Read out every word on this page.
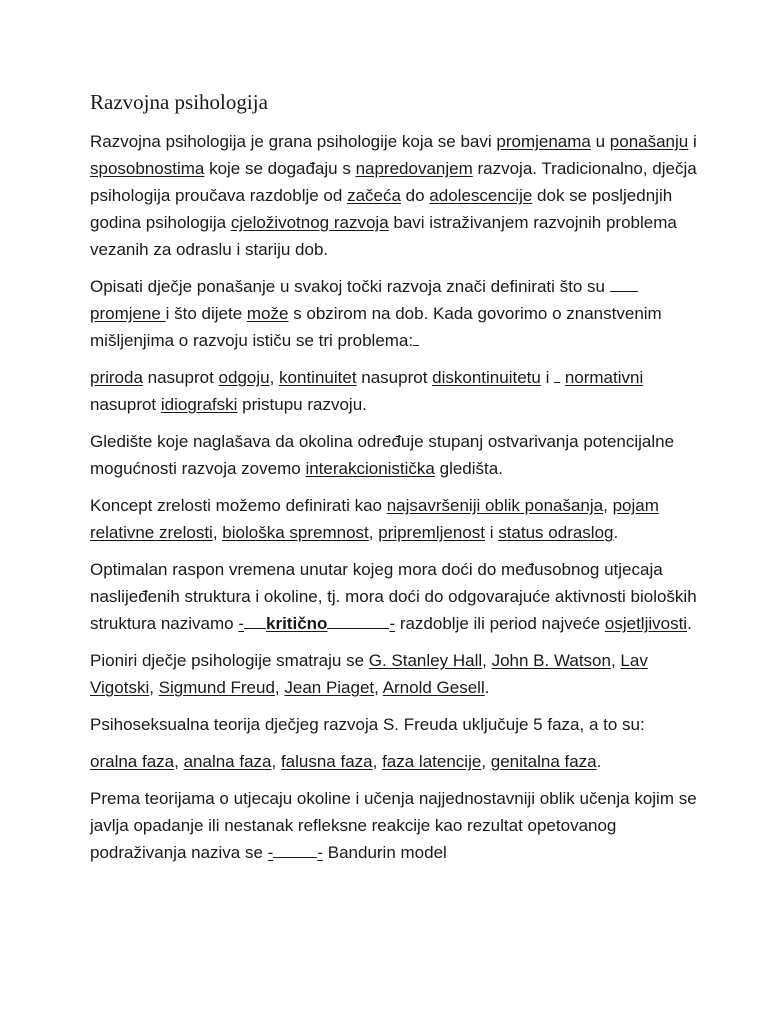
Razvojna psihologija

Razvojna psihologija je grana psihologije koja se bavi promjenama u ponašanju i sposobnostima koje se događaju s napredovanjem razvoja. Tradicionalno, dječja psihologija proučava razdoblje od začeća do adolescencije dok se posljednjih godina psihologija cjeloživotnog razvoja bavi istraživanjem razvojnih problema vezanih za odraslu i stariju dob.

Opisati dječje ponašanje u svakoj točki razvoja znači definirati što su  promjene i što dijete može s obzirom na dob. Kada govorimo o znanstvenim mišljenjima o razvoju ističu se tri problema:

priroda nasuprot odgoju, kontinuitet nasuprot diskontinuitetu i  normativni nasuprot idiografski pristupu razvoju.

Gledište koje naglašava da okolina određuje stupanj ostvarivanja potencijalne mogućnosti razvoja zovemo interakcionistička gledišta.

Koncept zrelosti možemo definirati kao najsavršeniji oblik ponašanja, pojam relativne zrelosti, biološka spremnost, pripremljenost i status odraslog.

Optimalan raspon vremena unutar kojeg mora doći do međusobnog utjecaja naslijeđenih struktura i okoline, tj. mora doći do odgovarajuće aktivnosti bioloških struktura nazivamo - kritično	- razdoblje ili period najveće osjetljivosti.

Pioniri dječje psihologije smatraju se G. Stanley Hall, John B. Watson, Lav Vigotski, Sigmund Freud, Jean Piaget, Arnold Gesell.

Psihoseksualna teorija dječjeg razvoja S. Freuda uključuje 5 faza, a to su:

oralna faza, analna faza, falusna faza, faza latencije, genitalna faza.

Prema teorijama o utjecaju okoline i učenja najjednostavniji oblik učenja kojim se javlja opadanje ili nestanak refleksne reakcije kao rezultat opetovanog podraživanja naziva se -	- Bandurin model
